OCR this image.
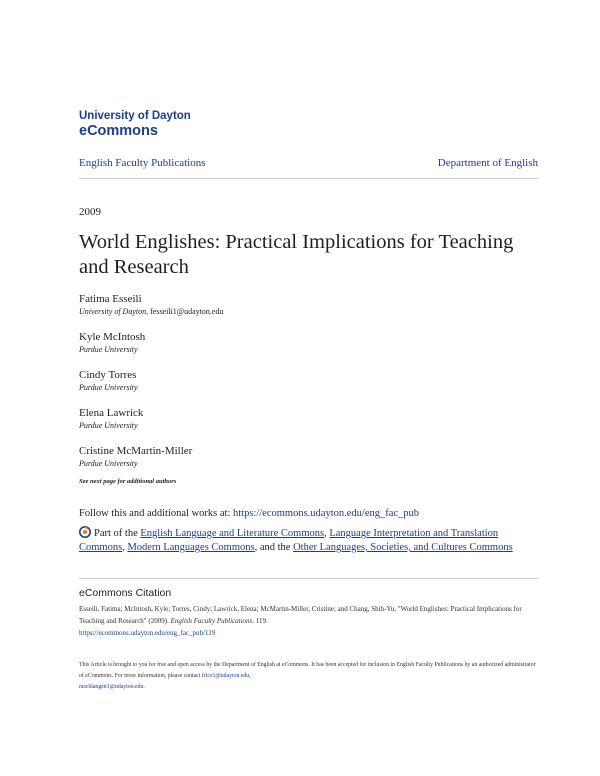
University of Dayton
eCommons
English Faculty Publications	Department of English
2009
World Englishes: Practical Implications for Teaching and Research
Fatima Esseili
University of Dayton, fesseili1@udayton.edu
Kyle McIntosh
Purdue University
Cindy Torres
Purdue University
Elena Lawrick
Purdue University
Cristine McMartin-Miller
Purdue University
See next page for additional authors
Follow this and additional works at: https://ecommons.udayton.edu/eng_fac_pub
Part of the English Language and Literature Commons, Language Interpretation and Translation Commons, Modern Languages Commons, and the Other Languages, Societies, and Cultures Commons
eCommons Citation
Esseili, Fatima; McIntosh, Kyle; Torres, Cindy; Lawrick, Elena; McMartin-Miller, Cristine; and Chang, Shih-Yu, "World Englishes: Practical Implications for Teaching and Research" (2009). English Faculty Publications. 119.
https://ecommons.udayton.edu/eng_fac_pub/119
This Article is brought to you for free and open access by the Department of English at eCommons. It has been accepted for inclusion in English Faculty Publications by an authorized administrator of eCommons. For more information, please contact frice1@udayton.edu,
mschlangen1@udayton.edu.
